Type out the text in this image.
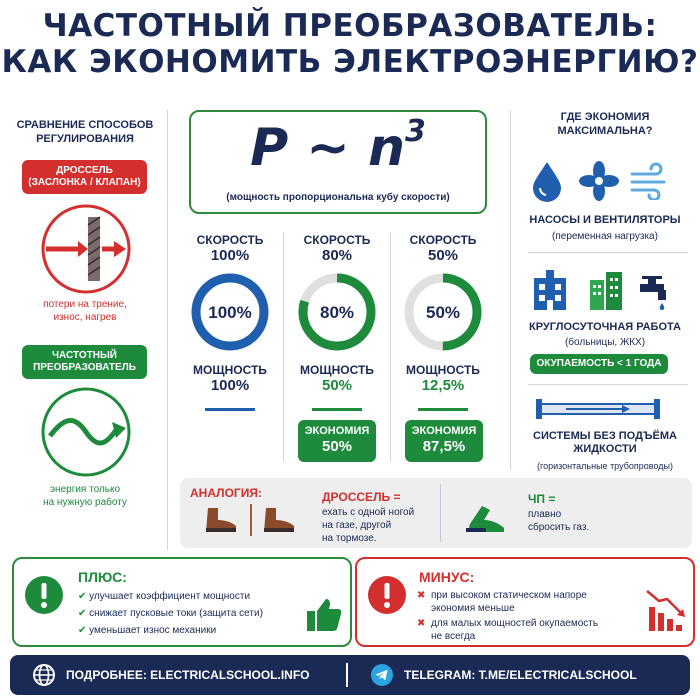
ЧАСТОТНЫЙ ПРЕОБРАЗОВАТЕЛЬ:
КАК ЭКОНОМИТЬ ЭЛЕКТРОЭНЕРГИЮ?
СРАВНЕНИЕ СПОСОБОВ
РЕГУЛИРОВАНИЯ
ДРОССЕЛЬ
(ЗАСЛОНКА / КЛАПАН)
потери на трение,
износ, нагрев
ЧАСТОТНЫЙ
ПРЕОБРАЗОВАТЕЛЬ
энергия только
на нужную работу
P ~ $n^3$
(мощность пропорциональна кубу скорости)
СКОРОСТЬ
100%
100%
МОЩНОСТЬ
100%
СКОРОСТЬ
80%
80%
МОЩНОСТЬ
50%
ЭКОНОМИЯ
50%
СКОРОСТЬ
50%
50%
МОЩНОСТЬ
12,5%
ЭКОНОМИЯ
87,5%
ГДЕ ЭКОНОМИЯ
МАКСИМАЛЬНА?
НАСОСЫ И ВЕНТИЛЯТОРЫ
(переменная нагрузка)
КРУГЛОСУТОЧНАЯ РАБОТА
(больницы, ЖКХ)
ОКУПАЕМОСТЬ < 1 ГОДА
СИСТЕМЫ БЕЗ ПОДЪЁМА
ЖИДКОСТИ
(горизонтальные трубопроводы)
АНАЛОГИЯ:	ДРОССЕЛЬ =
ехать с одной ногой
на газе, другой
на тормозе.
ЧП =
плавно
сбросить газ.
ПЛЮС:
✔ улучшает коэффициент мощности
✔ снижает пусковые токи (защита сети)
✔ уменьшает износ механики
МИНУС:
✖ при высоком статическом напоре
экономия меньше
✖ для малых мощностей окупаемость
не всегда
ПОДРОБНЕЕ: ELECTRICALSCHOOL.INFO	TELEGRAM: T.ME/ELECTRICALSCHOOL
